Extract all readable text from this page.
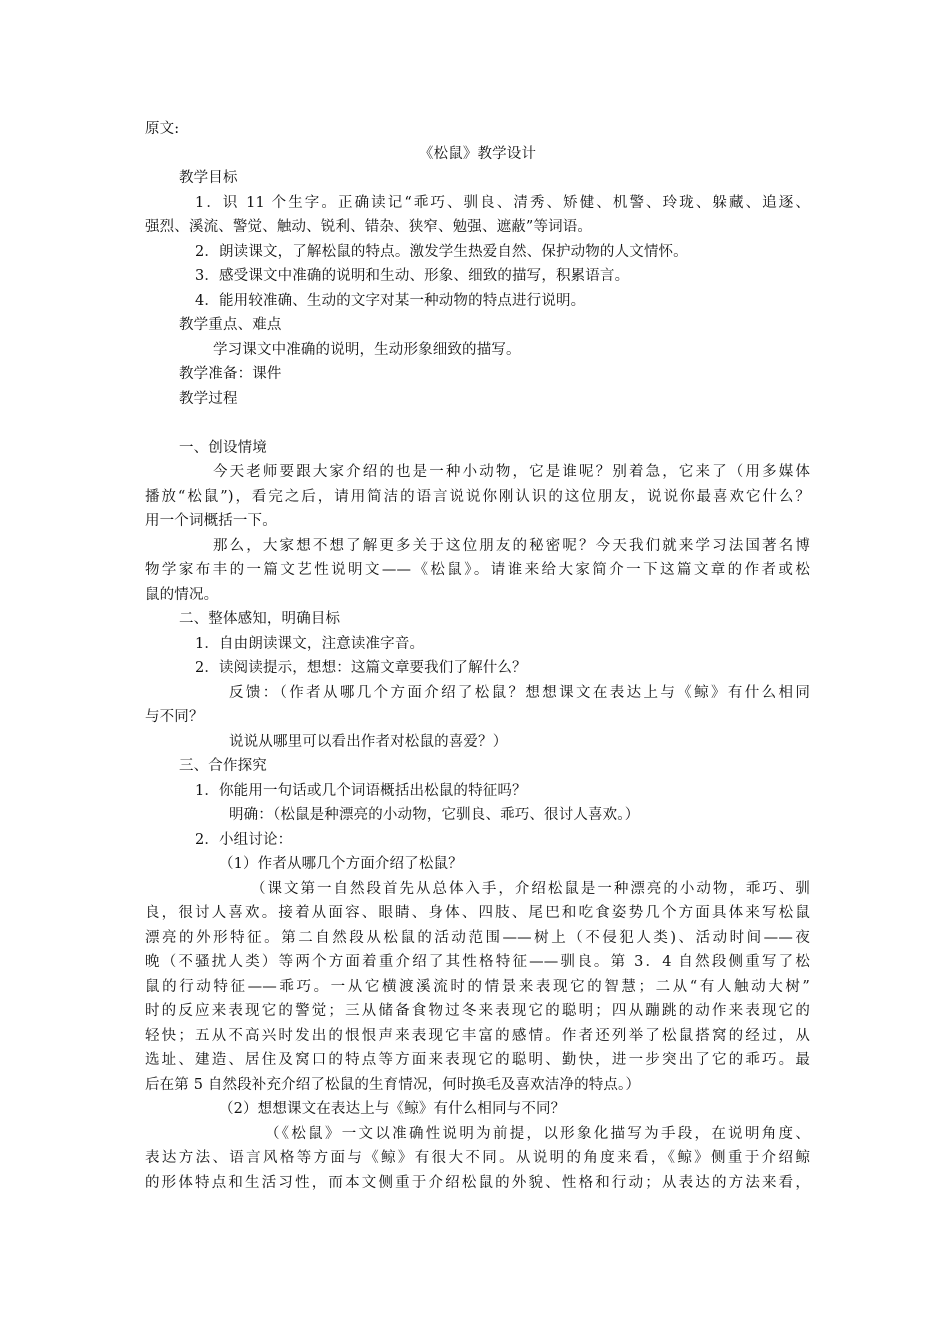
原文:
《松鼠》教学设计
教学目标
1．识 11 个生字。正确读记“乖巧、驯良、清秀、矫健、机警、玲珑、躲藏、追逐、
强烈、溪流、警觉、触动、锐利、错杂、狭窄、勉强、遮蔽”等词语。
2．朗读课文，了解松鼠的特点。激发学生热爱自然、保护动物的人文情怀。
3．感受课文中准确的说明和生动、形象、细致的描写，积累语言。
4．能用较准确、生动的文字对某一种动物的特点进行说明。
教学重点、难点
学习课文中准确的说明，生动形象细致的描写。
教学准备：课件
教学过程
一、创设情境
今天老师要跟大家介绍的也是一种小动物，它是谁呢？别着急，它来了（用多媒体
播放“松鼠”)，看完之后，请用简洁的语言说说你刚认识的这位朋友，说说你最喜欢它什么？
用一个词概括一下。
那么，大家想不想了解更多关于这位朋友的秘密呢？今天我们就来学习法国著名博
物学家布丰的一篇文艺性说明文——《松鼠》。请谁来给大家简介一下这篇文章的作者或松
鼠的情况。
二、整体感知，明确目标
1．自由朗读课文，注意读准字音。
2．读阅读提示，想想：这篇文章要我们了解什么？
反馈：（作者从哪几个方面介绍了松鼠？想想课文在表达上与《鲸》有什么相同
与不同？
说说从哪里可以看出作者对松鼠的喜爱？）
三、合作探究
1．你能用一句话或几个词语概括出松鼠的特征吗？
明确：（松鼠是种漂亮的小动物，它驯良、乖巧、很讨人喜欢。）
2．小组讨论：
（1）作者从哪几个方面介绍了松鼠？
（课文第一自然段首先从总体入手，介绍松鼠是一种漂亮的小动物，乖巧、驯
良，很讨人喜欢。接着从面容、眼睛、身体、四肢、尾巴和吃食姿势几个方面具体来写松鼠
漂亮的外形特征。第二自然段从松鼠的活动范围——树上（不侵犯人类)、活动时间——夜
晚（不骚扰人类）等两个方面着重介绍了其性格特征——驯良。第 3．4 自然段侧重写了松
鼠的行动特征——乖巧。一从它横渡溪流时的情景来表现它的智慧；二从“有人触动大树”
时的反应来表现它的警觉；三从储备食物过冬来表现它的聪明；四从蹦跳的动作来表现它的
轻快；五从不高兴时发出的恨恨声来表现它丰富的感情。作者还列举了松鼠搭窝的经过，从
选址、建造、居住及窝口的特点等方面来表现它的聪明、勤快，进一步突出了它的乖巧。最
后在第 5 自然段补充介绍了松鼠的生育情况，何时换毛及喜欢洁净的特点。）
（2）想想课文在表达上与《鲸》有什么相同与不同？
（《松鼠》一文以准确性说明为前提，以形象化描写为手段，在说明角度、
表达方法、语言风格等方面与《鲸》有很大不同。从说明的角度来看，《鲸》侧重于介绍鲸
的形体特点和生活习性，而本文侧重于介绍松鼠的外貌、性格和行动；从表达的方法来看，
